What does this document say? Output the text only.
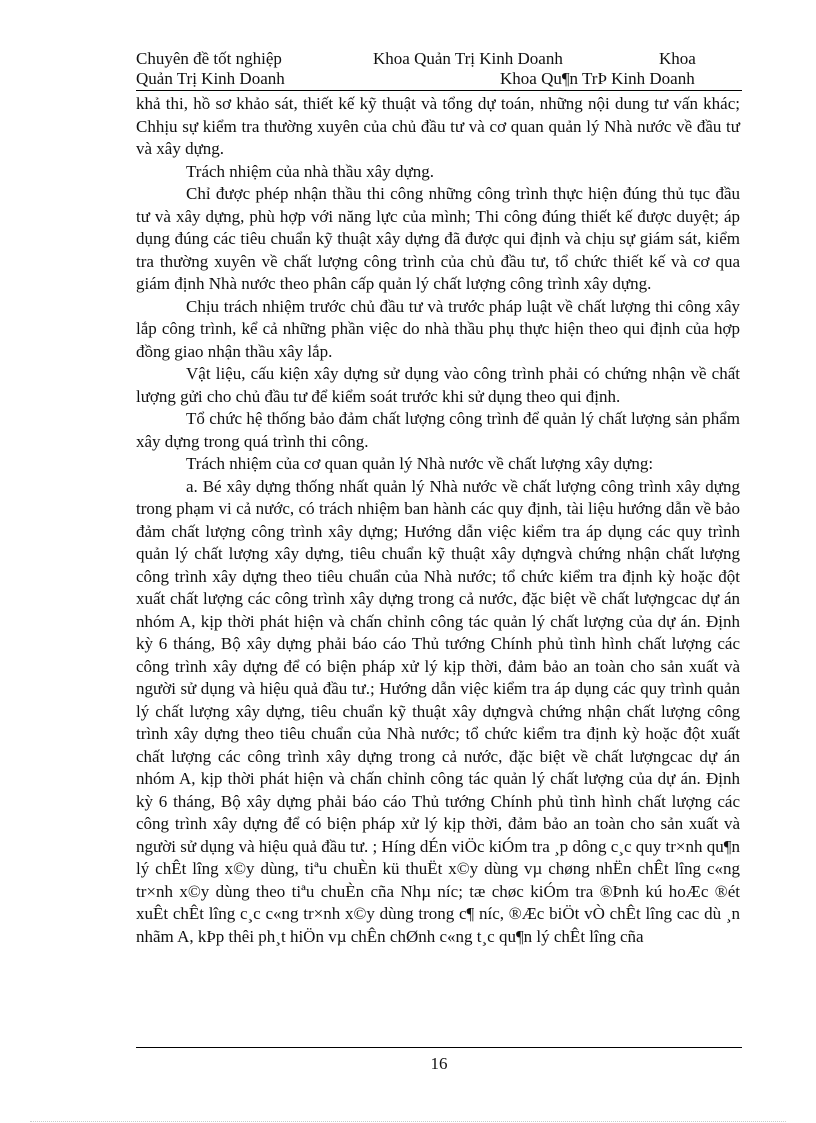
Chuyên đề tốt nghiệp	Khoa Quản Trị Kinh Doanh	Khoa
Quản Trị Kinh Doanh	Khoa Qu¶n TrÞ Kinh Doanh

khả thi, hồ sơ khảo sát, thiết kế kỹ thuật và tổng dự toán, những nội dung tư vấn khác; Chhịu sự kiểm tra thường xuyên của chủ đầu tư và cơ quan quản lý Nhà nước về đầu tư và xây dựng.

Trách nhiệm của nhà thầu xây dựng.

Chỉ được phép nhận thầu thi công những công trình thực hiện đúng thủ tục đầu tư và xây dựng, phù hợp với năng lực của mình; Thi công đúng thiết kế được duyệt; áp dụng đúng các tiêu chuẩn kỹ thuật xây dựng đã được qui định và chịu sự giám sát, kiểm tra thường xuyên về chất lượng công trình của chủ đầu tư, tổ chức thiết kế và cơ qua giám định Nhà nước theo phân cấp quản lý chất lượng công trình xây dựng.

Chịu trách nhiệm trước chủ đầu tư và trước pháp luật về chất lượng thi công xây lắp công trình, kể cả những phần việc do nhà thầu phụ thực hiện theo qui định của hợp đồng giao nhận thầu xây lắp.

Vật liệu, cấu kiện xây dựng sử dụng vào công trình phải có chứng nhận về chất lượng gửi cho chủ đầu tư để kiểm soát trước khi sử dụng theo qui định.

Tổ chức hệ thống bảo đảm chất lượng công trình để quản lý chất lượng sản phẩm xây dựng trong quá trình thi công.

Trách nhiệm của cơ quan quản lý Nhà nước về chất lượng xây dựng:

a. Bé xây dựng thống nhất quản lý Nhà nước về chất lượng công trình xây dựng trong phạm vi cả nước, có trách nhiệm ban hành các quy định, tài liệu hướng dẫn về bảo đảm chất lượng công trình xây dựng; Hướng dẫn việc kiểm tra áp dụng các quy trình quản lý chất lượng xây dựng, tiêu chuẩn kỹ thuật xây dựngvà chứng nhận chất lượng công trình xây dựng theo tiêu chuẩn của Nhà nước; tổ chức kiểm tra định kỳ hoặc đột xuất chất lượng các công trình xây dựng trong cả nước, đặc biệt về chất lượngcac dự án nhóm A, kịp thời phát hiện và chấn chỉnh công tác quản lý chất lượng của dự án. Định kỳ 6 tháng, Bộ xây dựng phải báo cáo Thủ tướng Chính phủ tình hình chất lượng các công trình xây dựng để có biện pháp xử lý kịp thời, đảm bảo an toàn cho sản xuất và người sử dụng và hiệu quả đầu tư.; Hướng dẫn việc kiểm tra áp dụng các quy trình quản lý chất lượng xây dựng, tiêu chuẩn kỹ thuật xây dựngvà chứng nhận chất lượng công trình xây dựng theo tiêu chuẩn của Nhà nước; tổ chức kiểm tra định kỳ hoặc đột xuất chất lượng các công trình xây dựng trong cả nước, đặc biệt về chất lượngcac dự án nhóm A, kịp thời phát hiện và chấn chỉnh công tác quản lý chất lượng của dự án. Định kỳ 6 tháng, Bộ xây dựng phải báo cáo Thủ tướng Chính phủ tình hình chất lượng các công trình xây dựng để có biện pháp xử lý kịp thời, đảm bảo an toàn cho sản xuất và người sử dụng và hiệu quả đầu tư. ; Híng dÉn viÖc kiÓm tra ¸p dông c¸c quy tr×nh qu¶n lý chÊt lîng x©y dùng, tiªu chuÈn kü thuËt x©y dùng vµ chøng nhËn chÊt lîng c«ng tr×nh x©y dùng theo tiªu chuÈn cña Nhµ níc; tæ chøc kiÓm tra ®Þnh kú hoÆc ®ét xuÊt chÊt lîng c¸c c«ng tr×nh x©y dùng trong c¶ níc, ®Æc biÖt vÒ chÊt lîng cac dù ¸n nhãm A, kÞp thêi ph¸t hiÖn vµ chÊn chØnh c«ng t¸c qu¶n lý chÊt lîng cña

16
